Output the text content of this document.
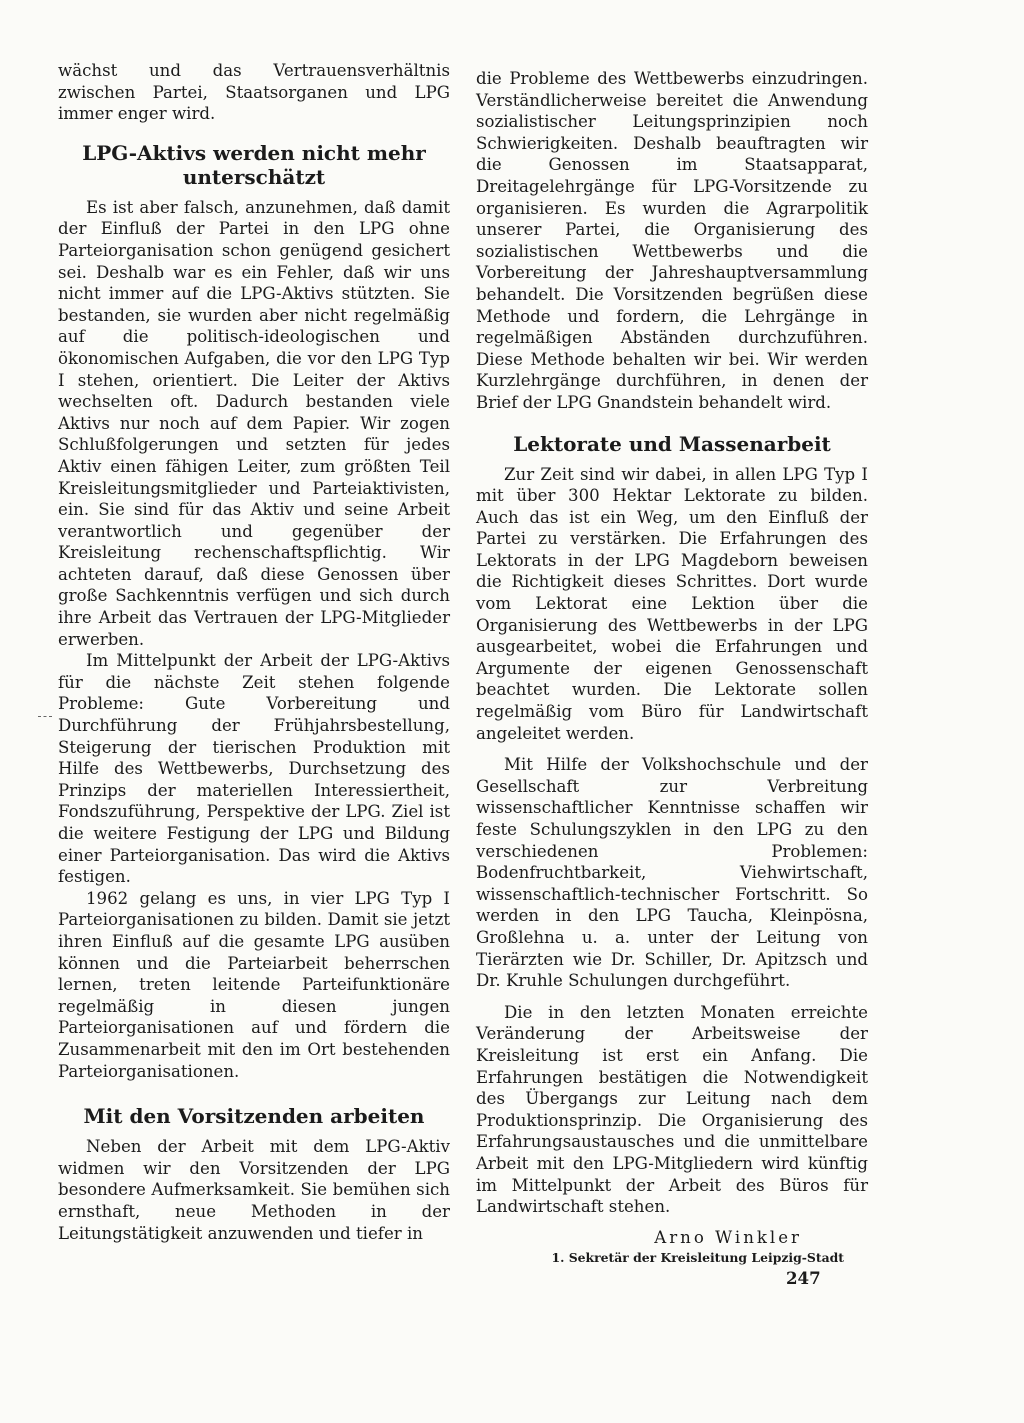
wächst und das Vertrauensverhältnis zwischen Partei, Staatsorganen und LPG immer enger wird.

LPG-Aktivs werden nicht mehr unterschätzt

Es ist aber falsch, anzunehmen, daß damit der Einfluß der Partei in den LPG ohne Parteiorganisation schon genügend gesichert sei. Deshalb war es ein Fehler, daß wir uns nicht immer auf die LPG-Aktivs stützten. Sie bestanden, sie wurden aber nicht regelmäßig auf die politisch-ideologischen und ökonomischen Aufgaben, die vor den LPG Typ I stehen, orientiert. Die Leiter der Aktivs wechselten oft. Dadurch bestanden viele Aktivs nur noch auf dem Papier. Wir zogen Schlußfolgerungen und setzten für jedes Aktiv einen fähigen Leiter, zum größten Teil Kreisleitungsmitglieder und Parteiaktivisten, ein. Sie sind für das Aktiv und seine Arbeit verantwortlich und gegenüber der Kreisleitung rechenschaftspflichtig. Wir achteten darauf, daß diese Genossen über große Sachkenntnis verfügen und sich durch ihre Arbeit das Vertrauen der LPG-Mitglieder erwerben.

Im Mittelpunkt der Arbeit der LPG-Aktivs für die nächste Zeit stehen folgende Probleme: Gute Vorbereitung und Durchführung der Frühjahrsbestellung, Steigerung der tierischen Produktion mit Hilfe des Wettbewerbs, Durchsetzung des Prinzips der materiellen Interessiertheit, Fondszuführung, Perspektive der LPG. Ziel ist die weitere Festigung der LPG und Bildung einer Parteiorganisation. Das wird die Aktivs festigen.

1962 gelang es uns, in vier LPG Typ I Parteiorganisationen zu bilden. Damit sie jetzt ihren Einfluß auf die gesamte LPG ausüben können und die Parteiarbeit beherrschen lernen, treten leitende Parteifunktionäre regelmäßig in diesen jungen Parteiorganisationen auf und fördern die Zusammenarbeit mit den im Ort bestehenden Parteiorganisationen.

Mit den Vorsitzenden arbeiten

Neben der Arbeit mit dem LPG-Aktiv widmen wir den Vorsitzenden der LPG besondere Aufmerksamkeit. Sie bemühen sich ernsthaft, neue Methoden in der Leitungstätigkeit anzuwenden und tiefer in

die Probleme des Wettbewerbs einzudringen. Verständlicherweise bereitet die Anwendung sozialistischer Leitungsprinzipien noch Schwierigkeiten. Deshalb beauftragten wir die Genossen im Staatsapparat, Dreitagelehrgänge für LPG-Vorsitzende zu organisieren. Es wurden die Agrarpolitik unserer Partei, die Organisierung des sozialistischen Wettbewerbs und die Vorbereitung der Jahreshauptversammlung behandelt. Die Vorsitzenden begrüßen diese Methode und fordern, die Lehrgänge in regelmäßigen Abständen durchzuführen. Diese Methode behalten wir bei. Wir werden Kurzlehrgänge durchführen, in denen der Brief der LPG Gnandstein behandelt wird.

Lektorate und Massenarbeit

Zur Zeit sind wir dabei, in allen LPG Typ I mit über 300 Hektar Lektorate zu bilden. Auch das ist ein Weg, um den Einfluß der Partei zu verstärken. Die Erfahrungen des Lektorats in der LPG Magdeborn beweisen die Richtigkeit dieses Schrittes. Dort wurde vom Lektorat eine Lektion über die Organisierung des Wettbewerbs in der LPG ausgearbeitet, wobei die Erfahrungen und Argumente der eigenen Genossenschaft beachtet wurden. Die Lektorate sollen regelmäßig vom Büro für Landwirtschaft angeleitet werden.

Mit Hilfe der Volkshochschule und der Gesellschaft zur Verbreitung wissenschaftlicher Kenntnisse schaffen wir feste Schulungszyklen in den LPG zu den verschiedenen Problemen: Bodenfruchtbarkeit, Viehwirtschaft, wissenschaftlich-technischer Fortschritt. So werden in den LPG Taucha, Kleinpösna, Großlehna u. a. unter der Leitung von Tierärzten wie Dr. Schiller, Dr. Apitzsch und Dr. Kruhle Schulungen durchgeführt.

Die in den letzten Monaten erreichte Veränderung der Arbeitsweise der Kreisleitung ist erst ein Anfang. Die Erfahrungen bestätigen die Notwendigkeit des Übergangs zur Leitung nach dem Produktionsprinzip. Die Organisierung des Erfahrungsaustausches und die unmittelbare Arbeit mit den LPG-Mitgliedern wird künftig im Mittelpunkt der Arbeit des Büros für Landwirtschaft stehen.

Arno Winkler
1. Sekretär der Kreisleitung Leipzig-Stadt
247
